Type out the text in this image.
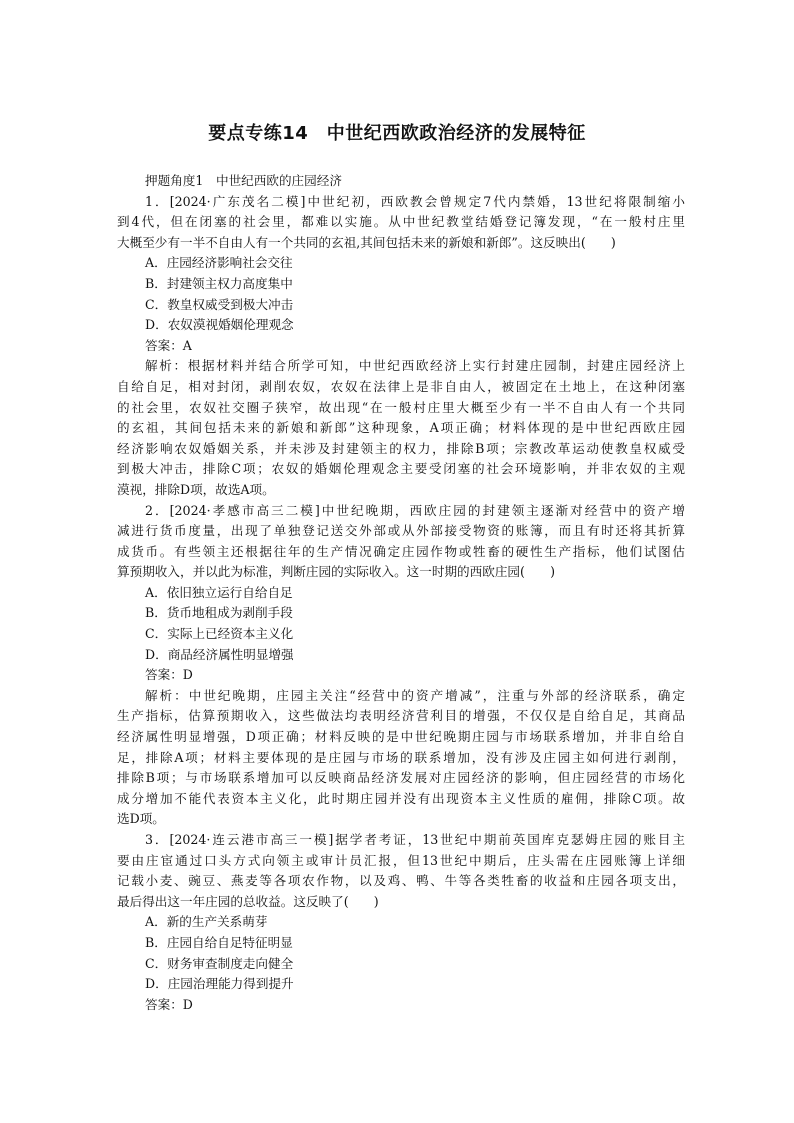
要点专练14　中世纪西欧政治经济的发展特征
押题角度1　中世纪西欧的庄园经济
1．[2024·广东茂名二模]中世纪初，西欧教会曾规定7代内禁婚，13世纪将限制缩小
到4代，但在闭塞的社会里，都难以实施。从中世纪教堂结婚登记簿发现，“在一般村庄里
大概至少有一半不自由人有一个共同的玄祖,其间包括未来的新娘和新郎”。这反映出(　　)
A．庄园经济影响社会交往
B．封建领主权力高度集中
C．教皇权威受到极大冲击
D．农奴漠视婚姻伦理观念
答案：A
解析：根据材料并结合所学可知，中世纪西欧经济上实行封建庄园制，封建庄园经济上
自给自足，相对封闭，剥削农奴，农奴在法律上是非自由人，被固定在土地上，在这种闭塞
的社会里，农奴社交圈子狭窄，故出现“在一般村庄里大概至少有一半不自由人有一个共同
的玄祖，其间包括未来的新娘和新郎”这种现象，A项正确；材料体现的是中世纪西欧庄园
经济影响农奴婚姻关系，并未涉及封建领主的权力，排除B项；宗教改革运动使教皇权威受
到极大冲击，排除C项；农奴的婚姻伦理观念主要受闭塞的社会环境影响，并非农奴的主观
漠视，排除D项，故选A项。
2．[2024·孝感市高三二模]中世纪晚期，西欧庄园的封建领主逐渐对经营中的资产增
减进行货币度量，出现了单独登记送交外部或从外部接受物资的账簿，而且有时还将其折算
成货币。有些领主还根据往年的生产情况确定庄园作物或牲畜的硬性生产指标，他们试图估
算预期收入，并以此为标准，判断庄园的实际收入。这一时期的西欧庄园(　　)
A．依旧独立运行自给自足
B．货币地租成为剥削手段
C．实际上已经资本主义化
D．商品经济属性明显增强
答案：D
解析：中世纪晚期，庄园主关注“经营中的资产增减”，注重与外部的经济联系，确定
生产指标，估算预期收入，这些做法均表明经济营利目的增强，不仅仅是自给自足，其商品
经济属性明显增强，D项正确；材料反映的是中世纪晚期庄园与市场联系增加，并非自给自
足，排除A项；材料主要体现的是庄园与市场的联系增加，没有涉及庄园主如何进行剥削，
排除B项；与市场联系增加可以反映商品经济发展对庄园经济的影响，但庄园经营的市场化
成分增加不能代表资本主义化，此时期庄园并没有出现资本主义性质的雇佣，排除C项。故
选D项。
3．[2024·连云港市高三一模]据学者考证，13世纪中期前英国库克瑟姆庄园的账目主
要由庄宦通过口头方式向领主或审计员汇报，但13世纪中期后，庄头需在庄园账簿上详细
记载小麦、豌豆、燕麦等各项农作物，以及鸡、鸭、牛等各类牲畜的收益和庄园各项支出，
最后得出这一年庄园的总收益。这反映了(　　)
A．新的生产关系萌芽
B．庄园自给自足特征明显
C．财务审查制度走向健全
D．庄园治理能力得到提升
答案：D
